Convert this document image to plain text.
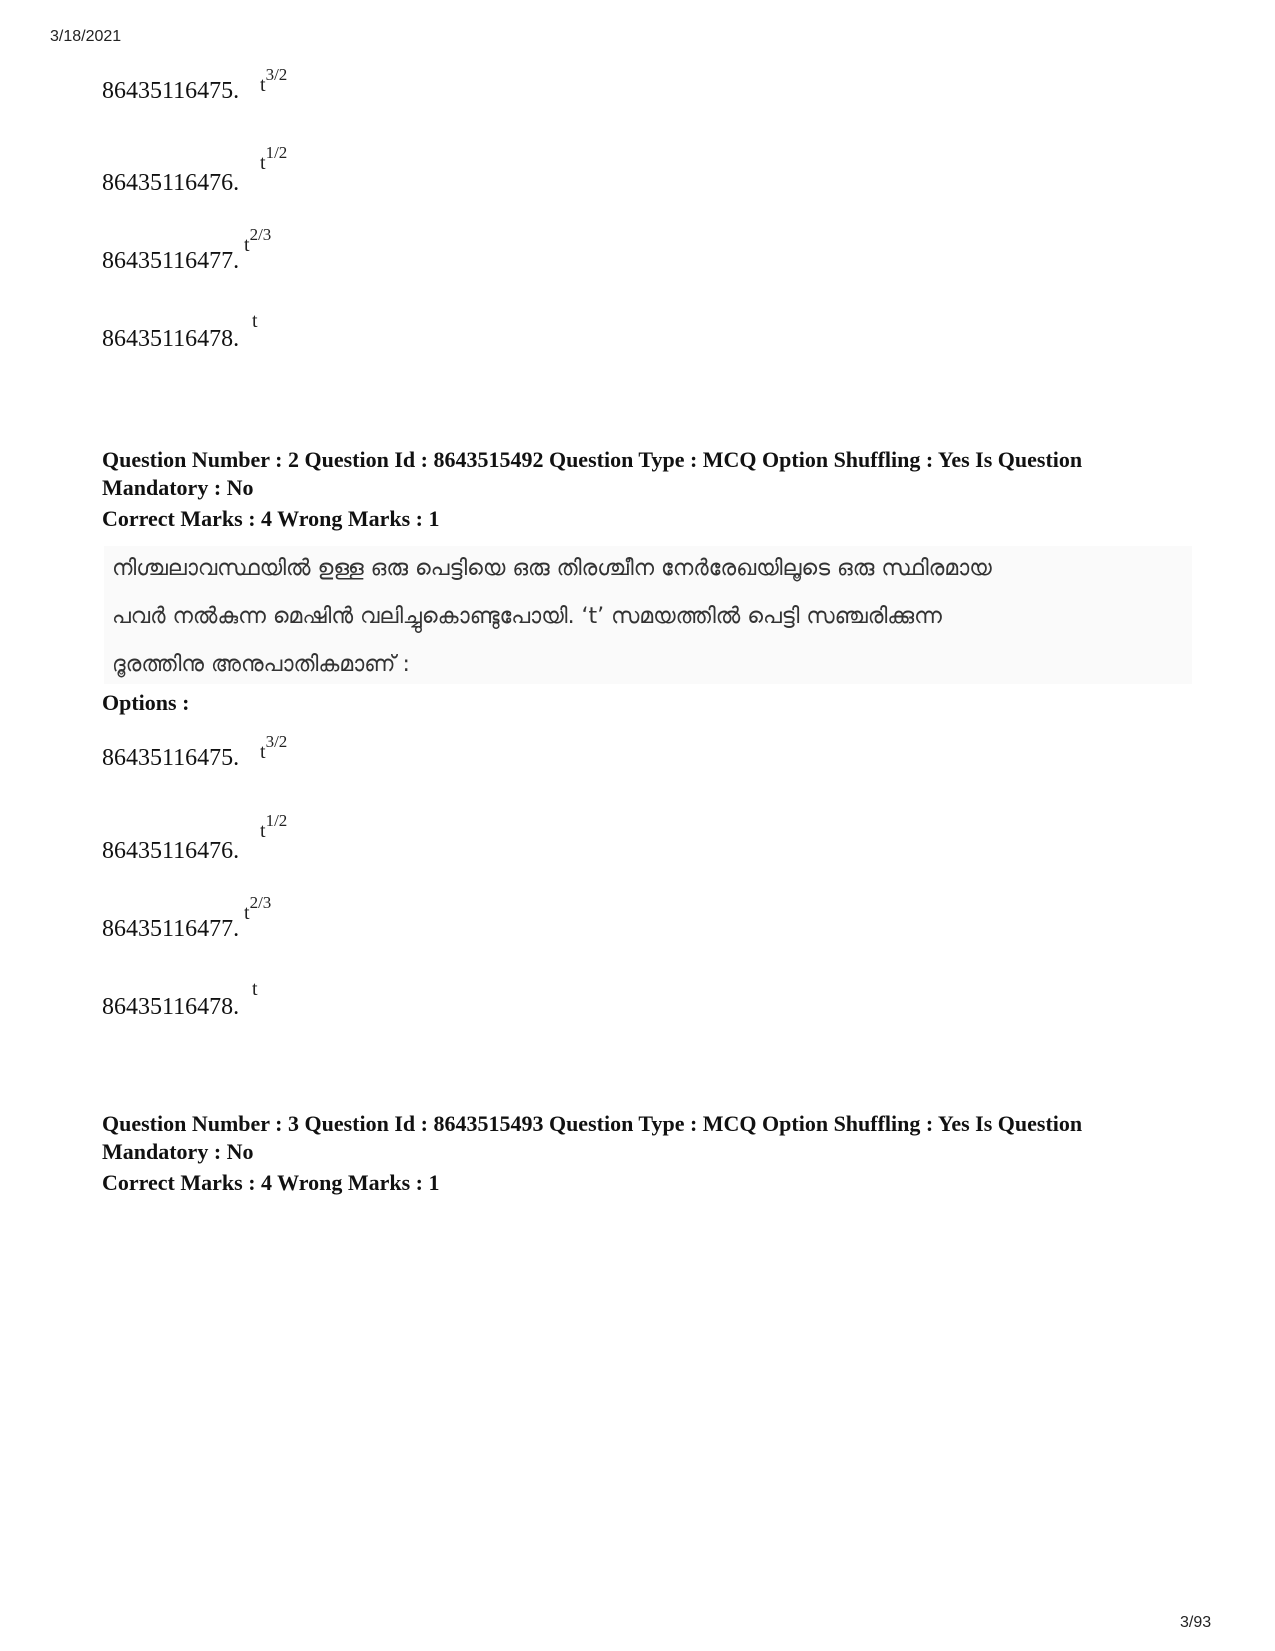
3/18/2021
86435116475. $t^{3/2}$
86435116476.
$t^{1/2}$
86435116477.
$t^{2/3}$
86435116478.
t
Question Number : 2 Question Id : 8643515492 Question Type : MCQ Option Shuffling : Yes Is Question Mandatory : No
Correct Marks : 4 Wrong Marks : 1
നിശ്ചലാവസ്ഥയിൽ ഉള്ള ഒരു പെട്ടിയെ ഒരു തിരശ്ചീന നേർരേഖയിലൂടെ ഒരു സ്ഥിരമായ
പവർ നൽകുന്ന മെഷിൻ വലിച്ചുകൊണ്ടുപോയി. ‘t’ സമയത്തിൽ പെട്ടി സഞ്ചരിക്കുന്ന
ദൂരത്തിനു അനുപാതികമാണ് :
Options :
86435116475. $t^{3/2}$
86435116476.
$t^{1/2}$
86435116477.
$t^{2/3}$
86435116478.
t
Question Number : 3 Question Id : 8643515493 Question Type : MCQ Option Shuffling : Yes Is Question Mandatory : No
Correct Marks : 4 Wrong Marks : 1
3/93
